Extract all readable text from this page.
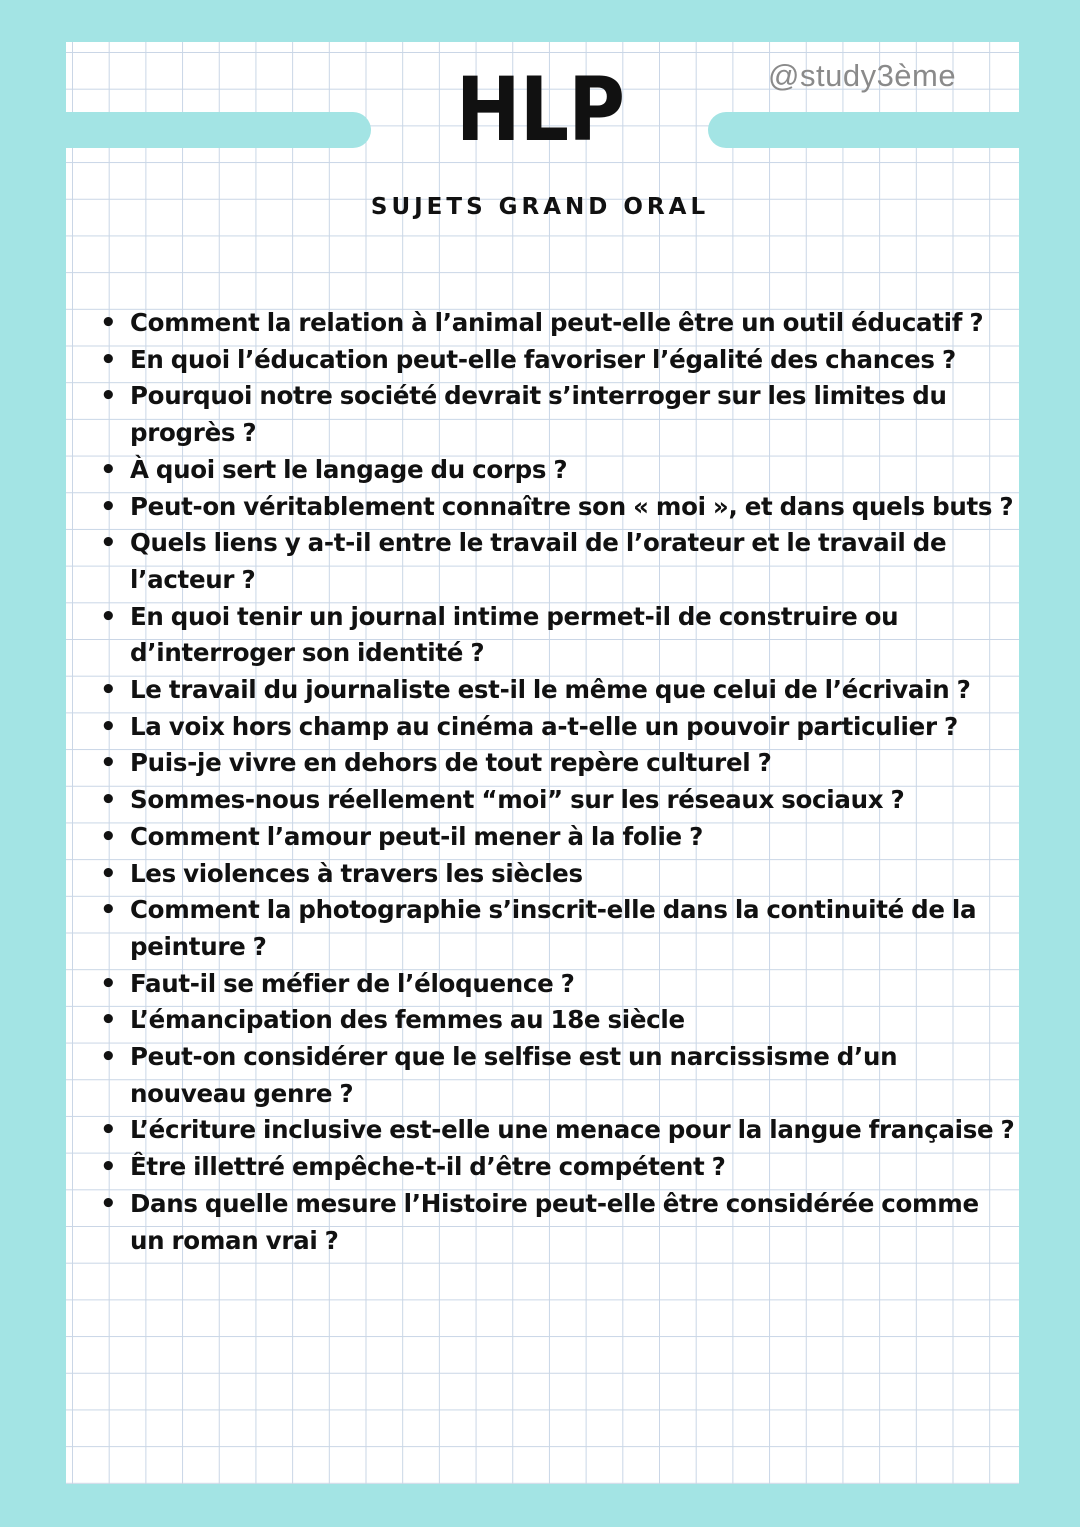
HLP	@study3ème
SUJETS GRAND ORAL
• Comment la relation à l’animal peut-elle être un outil éducatif ?
• En quoi l’éducation peut-elle favoriser l’égalité des chances ?
• Pourquoi notre société devrait s’interroger sur les limites du progrès ?
• À quoi sert le langage du corps ?
• Peut-on véritablement connaître son « moi », et dans quels buts ?
• Quels liens y a-t-il entre le travail de l’orateur et le travail de l’acteur ?
• En quoi tenir un journal intime permet-il de construire ou d’interroger son identité ?
• Le travail du journaliste est-il le même que celui de l’écrivain ?
• La voix hors champ au cinéma a-t-elle un pouvoir particulier ?
• Puis-je vivre en dehors de tout repère culturel ?
• Sommes-nous réellement “moi” sur les réseaux sociaux ?
• Comment l’amour peut-il mener à la folie ?
• Les violences à travers les siècles
• Comment la photographie s’inscrit-elle dans la continuité de la peinture ?
• Faut-il se méfier de l’éloquence ?
• L’émancipation des femmes au 18e siècle
• Peut-on considérer que le selfise est un narcissisme d’un nouveau genre ?
• L’écriture inclusive est-elle une menace pour la langue française ?
• Être illettré empêche-t-il d’être compétent ?
• Dans quelle mesure l’Histoire peut-elle être considérée comme un roman vrai ?
